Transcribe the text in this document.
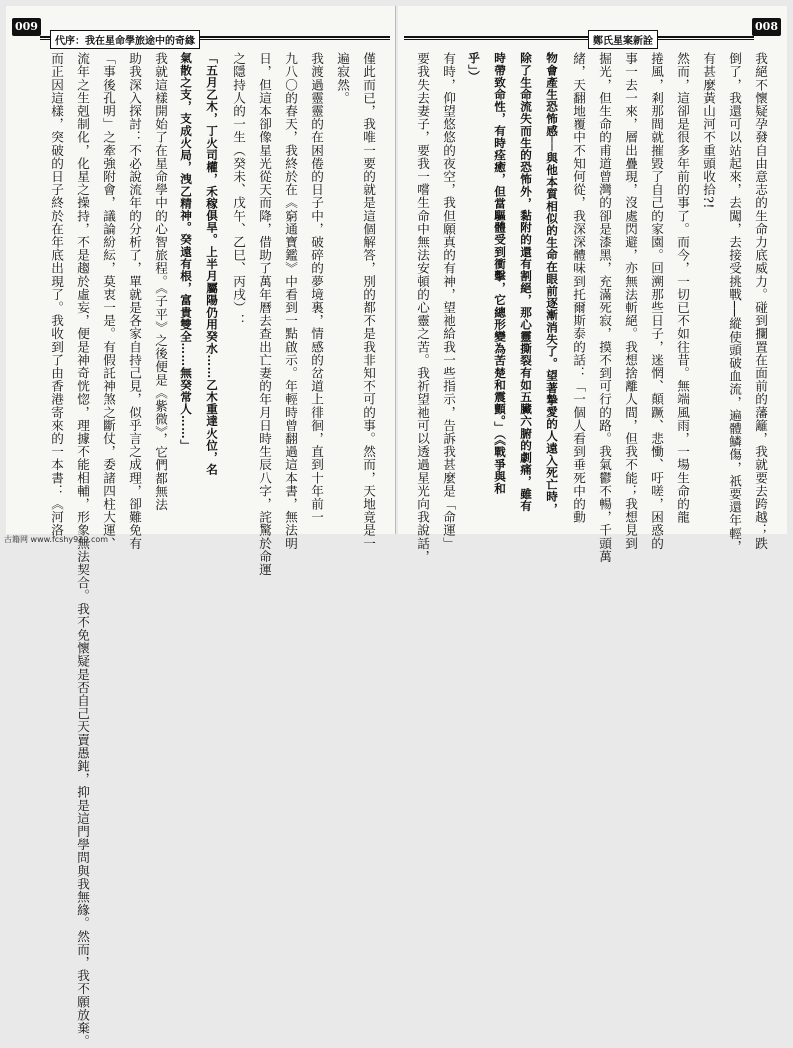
009
代序：我在星命學旅途中的奇緣
而正因這樣，突破的日子終於在年底出現了。我收到了由香港寄來的一本書：《河洛 流年之生剋制化，化星之操持，不是趨於虛妄，便是神奇恍惚，理據不能相輔，形象無法契合。我不免懷疑是否自己天賣愚鈍，抑是這門學問與我無緣。然而，我不願放棄。 「事後孔明」之牽強附會，議論紛紜，莫衷一是。有假託神煞之斷仗，委諸四柱大運、 助我深入探討：不必說流年的分析了，單就是各家自持己見，似乎言之成理，卻難免有 我就這樣開始了在星命學中的心智旅程。《子平》之後便是《紫微》，它們都無法 氣散之支，支成火局，洩乙精神。癸遠有根，富貴雙全……無癸常人……」 「五月乙木，丁火司權，禾稼俱旱。上半月屬陽仍用癸水……乙木重達火位，名 之隱持人的一生（癸未、戊午、乙巳、丙戌）： 日，但這本卻像星光從天而降，借助了萬年曆去查出亡妻的年月日時生辰八字，詫驚於命運 九八〇的春天，我終於在《窮通寶鑑》中看到一點啟示。年輕時曾翻過這本書，無法明 我渡過靈靈的在困倦的日子中，破碎的夢境裏，情感的岔道上徘徊，直到十年前一 遍寂然。 僅此而已，我唯一要的就是這個解答，別的都不是我非知不可的事。然而，天地竟是一
鄭氏星案新詮
008
要我失去妻子，要我一嚐生命中無法安頓的心靈之苦。我祈望祂可以透過星光向我說話， 有時，仰望悠悠的夜空，我但願真的有神，望祂給我一些指示，告訴我甚麼是「命運」 乎」） 時帶致命性，有時痊癒，但當驅體受到衝擊，它總形變為苦楚和震顫。」（《戰爭與和 除了生命流失而生的恐怖外，黏附的還有割絕，那心靈撕裂有如五臟六腑的劇痛，雖有 物會產生恐怖感──與他本質相似的生命在眼前逐漸消失了。望著摯愛的人遠入死亡時， 緒，天翻地覆中不知何從，我深深體味到托爾斯泰的話：「一個人看到垂死中的動 掘光，但生命的甫道曾灣的卻是漆黑，充滿死寂，摸不到可行的路。我氣鬱不暢，千頭萬 事一去一來，層出疊現，沒處閃避，亦無法斬絕。我想捨離人間，但我不能；我想見到 捲風，剎那間就摧毀了自己的家園。回溯那些日子，迷惘、顛蹶、悲慟、吁嗟，困惑的 然而，這卻是很多年前的事了。而今，一切已不如往昔。無端風雨，一場生命的龍 有甚麼黃山河不重頭收拾?! 倒了，我還可以站起來，去闖，去接受挑戰──縱使頭破血流，遍體鱗傷，祇要還年輕， 我絕不懷疑孕發自由意志的生命力底威力。碰到攔置在面前的藩籬，我就要去跨越；跌
古籍网 www.fcshy920.com
